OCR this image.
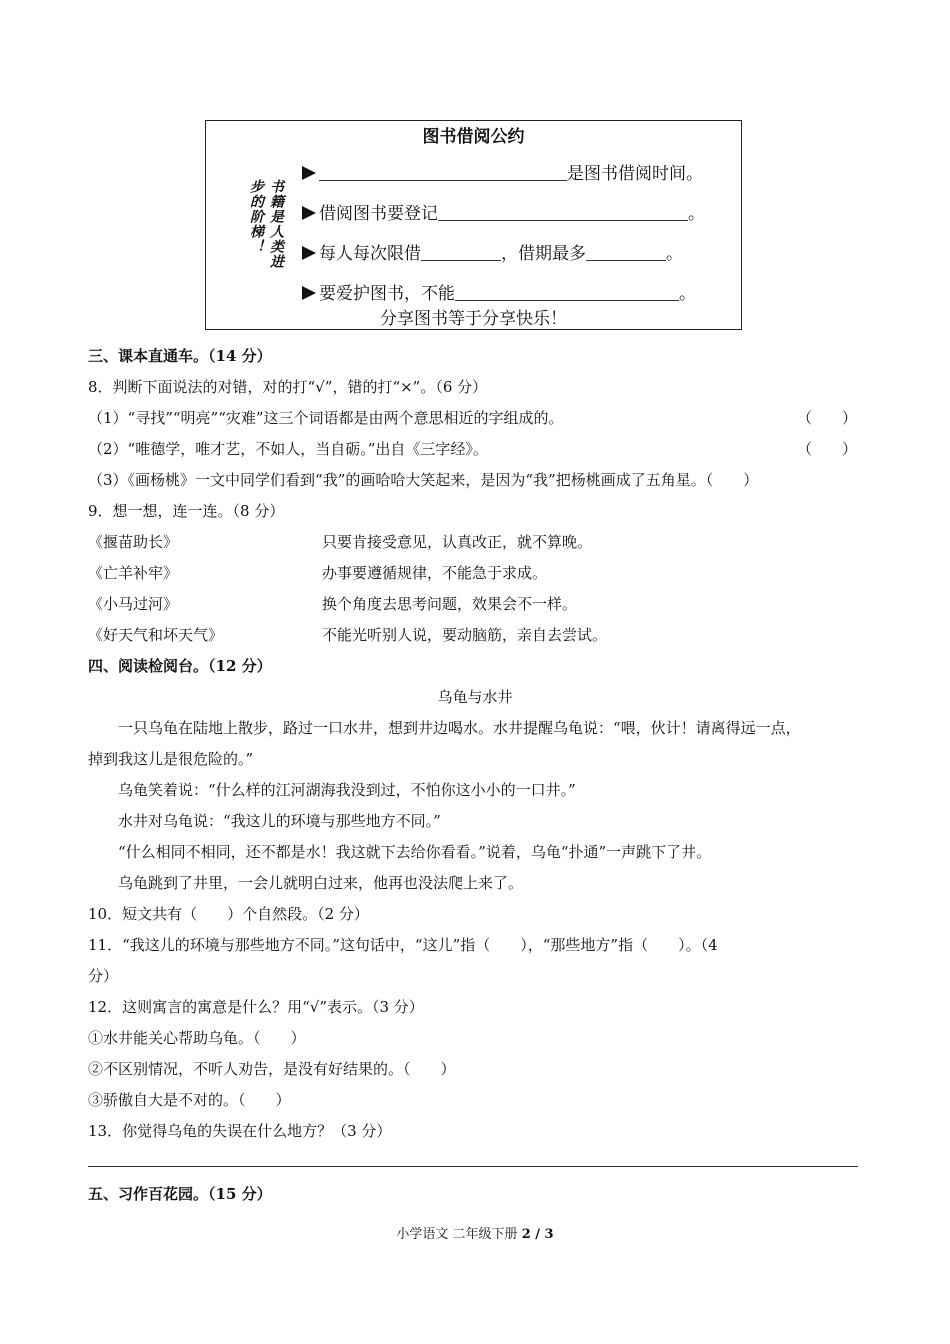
图书借阅公约
书籍是人类进步的阶梯！
是图书借阅时间。
借阅图书要登记	。
每人每次限借	，借期最多	。
要爱护图书，不能	。
分享图书等于分享快乐！
三、课本直通车。（14 分）
8．判断下面说法的对错，对的打“√”，错的打“×”。（6 分）
（1）“寻找”“明亮”“灾难”这三个词语都是由两个意思相近的字组成的。	（　　）
（2）“唯德学，唯才艺，不如人，当自砺。”出自《三字经》。	（　　）
（3）《画杨桃》一文中同学们看到“我”的画哈哈大笑起来，是因为“我”把杨桃画成了五角星。（　　）
9．想一想，连一连。（8 分）
《揠苗助长》	只要肯接受意见，认真改正，就不算晚。
《亡羊补牢》	办事要遵循规律，不能急于求成。
《小马过河》	换个角度去思考问题，效果会不一样。
《好天气和坏天气》	不能光听别人说，要动脑筋，亲自去尝试。
四、阅读检阅台。（12 分）
乌龟与水井
一只乌龟在陆地上散步，路过一口水井，想到井边喝水。水井提醒乌龟说：“喂，伙计！请离得远一点，
掉到我这儿是很危险的。”
乌龟笑着说：“什么样的江河湖海我没到过，不怕你这小小的一口井。”
水井对乌龟说：“我这儿的环境与那些地方不同。”
“什么相同不相同，还不都是水！我这就下去给你看看。”说着，乌龟“扑通”一声跳下了井。
乌龟跳到了井里，一会儿就明白过来，他再也没法爬上来了。
10．短文共有（　　）个自然段。（2 分）
11．“我这儿的环境与那些地方不同。”这句话中，“这儿”指（　　），“那些地方”指（　　）。（4
分）
12．这则寓言的寓意是什么？用“√”表示。（3 分）
①水井能关心帮助乌龟。（　　）
②不区别情况，不听人劝告，是没有好结果的。（　　）
③骄傲自大是不对的。（　　）
13．你觉得乌龟的失误在什么地方？（3 分）
五、习作百花园。（15 分）
小学语文 二年级下册 2 / 3
